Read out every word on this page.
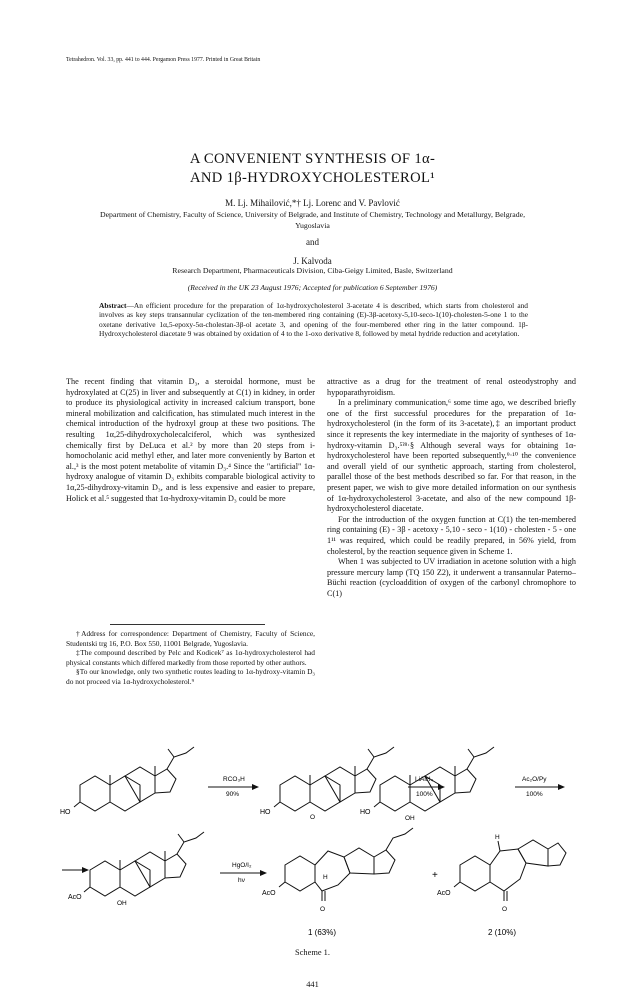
Tetrahedron. Vol. 33, pp. 441 to 444. Pergamon Press 1977. Printed in Great Britain
A CONVENIENT SYNTHESIS OF 1α-
AND 1β-HYDROXYCHOLESTEROL¹
M. Lj. Mihailović,*† Lj. Lorenc and V. Pavlović
Department of Chemistry, Faculty of Science, University of Belgrade, and Institute of Chemistry, Technology and Metallurgy, Belgrade, Yugoslavia
and
J. Kalvoda
Research Department, Pharmaceuticals Division, Ciba-Geigy Limited, Basle, Switzerland
(Received in the UK 23 August 1976; Accepted for publication 6 September 1976)
Abstract—An efficient procedure for the preparation of 1α-hydroxycholesterol 3-acetate 4 is described, which starts from cholesterol and involves as key steps transannular cyclization of the ten-membered ring containing (E)-3β-acetoxy-5,10-seco-1(10)-cholesten-5-one 1 to the oxetane derivative 1α,5-epoxy-5α-cholestan-3β-ol acetate 3, and opening of the four-membered ether ring in the latter compound. 1β-Hydroxycholesterol diacetate 9 was obtained by oxidation of 4 to the 1-oxo derivative 8, followed by metal hydride reduction and acetylation.

The recent finding that vitamin D₃, a steroidal hormone, must be hydroxylated at C(25) in liver and subsequently at C(1) in kidney, in order to produce its physiological activity in increased calcium transport, bone mineral mobilization and calcification, has stimulated much interest in the chemical introduction of the hydroxyl group at these two positions. The resulting 1α,25-dihydroxycholecalciferol, which was synthesized chemically first by DeLuca et al.² by more than 20 steps from i-homocholanic acid methyl ether, and later more conveniently by Barton et al.,³ is the most potent metabolite of vitamin D₃.⁴ Since the "artificial" 1α-hydroxy analogue of vitamin D₃ exhibits comparable biological activity to 1α,25-dihydroxy-vitamin D₃, and is less expensive and easier to prepare, Holick et al.⁵ suggested that 1α-hydroxy-vitamin D₃ could be more

attractive as a drug for the treatment of renal osteodystrophy and hypoparathyroidism.

In a preliminary communication,⁶ some time ago, we described briefly one of the first successful procedures for the preparation of 1α-hydroxycholesterol (in the form of its 3-acetate),‡ an important product since it represents the key intermediate in the majority of syntheses of 1α-hydroxy-vitamin D₃.⁵ˀ⁸·§ Although several ways for obtaining 1α-hydroxycholesterol have been reported subsequently,⁹·¹⁰ the convenience and overall yield of our synthetic approach, starting from cholesterol, parallel those of the best methods described so far. For that reason, in the present paper, we wish to give more detailed information on our synthesis of 1α-hydroxycholesterol 3-acetate, and also of the new compound 1β-hydroxycholesterol diacetate.

For the introduction of the oxygen function at C(1) the ten-membered ring containing (E) - 3β - acetoxy - 5,10 - seco - 1(10) - cholesten - 5 - one 1¹¹ was required, which could be readily prepared, in 56% yield, from cholesterol, by the reaction sequence given in Scheme 1.

When 1 was subjected to UV irradiation in acetone solution with a high pressure mercury lamp (TQ 150 Z2), it underwent a transannular Paterno–Büchi reaction (cycloaddition of oxygen of the carbonyl chromophore to C(1)

†Address for correspondence: Department of Chemistry, Faculty of Science, Studentski trg 16, P.O. Box 550, 11001 Belgrade, Yugoslavia.

‡The compound described by Pelc and Kodicek⁷ as 1α-hydroxycholesterol had physical constants which differed markedly from those reported by other authors.

§To our knowledge, only two synthetic routes leading to 1α-hydroxy-vitamin D₃ do not proceed via 1α-hydroxycholesterol.⁹

HO
RCO₃H
90%
HO
O
LiAlH₄
100%
HO
OH
Ac₂O/Py
100%
AcO
OH
HgO/I₂
hν	H
AcO
O
+
H
AcO
O
1 (63%)	2 (10%)
Scheme 1.
441
